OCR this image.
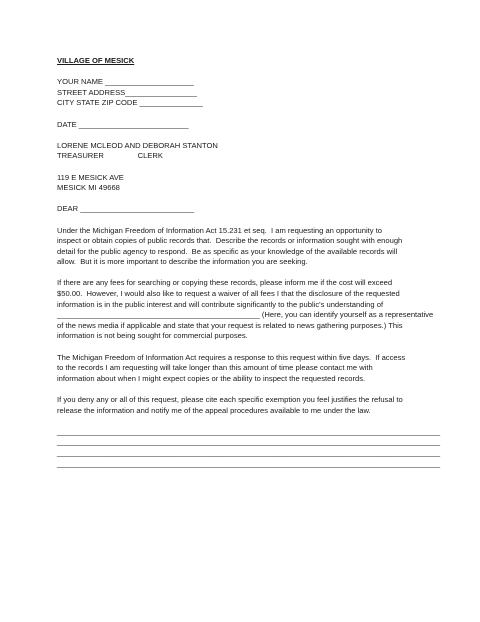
VILLAGE OF MESICK
YOUR NAME _____________________
STREET ADDRESS_________________
CITY STATE ZIP CODE _______________
DATE __________________________
LORENE MCLEOD AND DEBORAH STANTON
TREASURER                CLERK
119 E MESICK AVE
MESICK MI 49668
DEAR ___________________________
Under the Michigan Freedom of Information Act 15.231 et seq.  I am requesting an opportunity to
inspect or obtain copies of public records that.  Describe the records or information sought with enough
detail for the public agency to respond.  Be as specific as your knowledge of the available records will
allow.  But it is more important to describe the information you are seeking.
If there are any fees for searching or copying these records, please inform me if the cost will exceed
$50.00.  However, I would also like to request a waiver of all fees I that the disclosure of the requested
information is in the public interest and will contribute significantly to the public's understanding of
________________________________________________ (Here, you can identify yourself as a representative
of the news media if applicable and state that your request is related to news gathering purposes.) This
information is not being sought for commercial purposes.
The Michigan Freedom of Information Act requires a response to this request within five days.  If access
to the records I am requesting will take longer than this amount of time please contact me with
information about when I might expect copies or the ability to inspect the requested records.
If you deny any or all of this request, please cite each specific exemption you feel justifies the refusal to
release the information and notify me of the appeal procedures available to me under the law.
______________________________________________________________________________________________
______________________________________________________________________________________________
______________________________________________________________________________________________
______________________________________________________________________________________________
